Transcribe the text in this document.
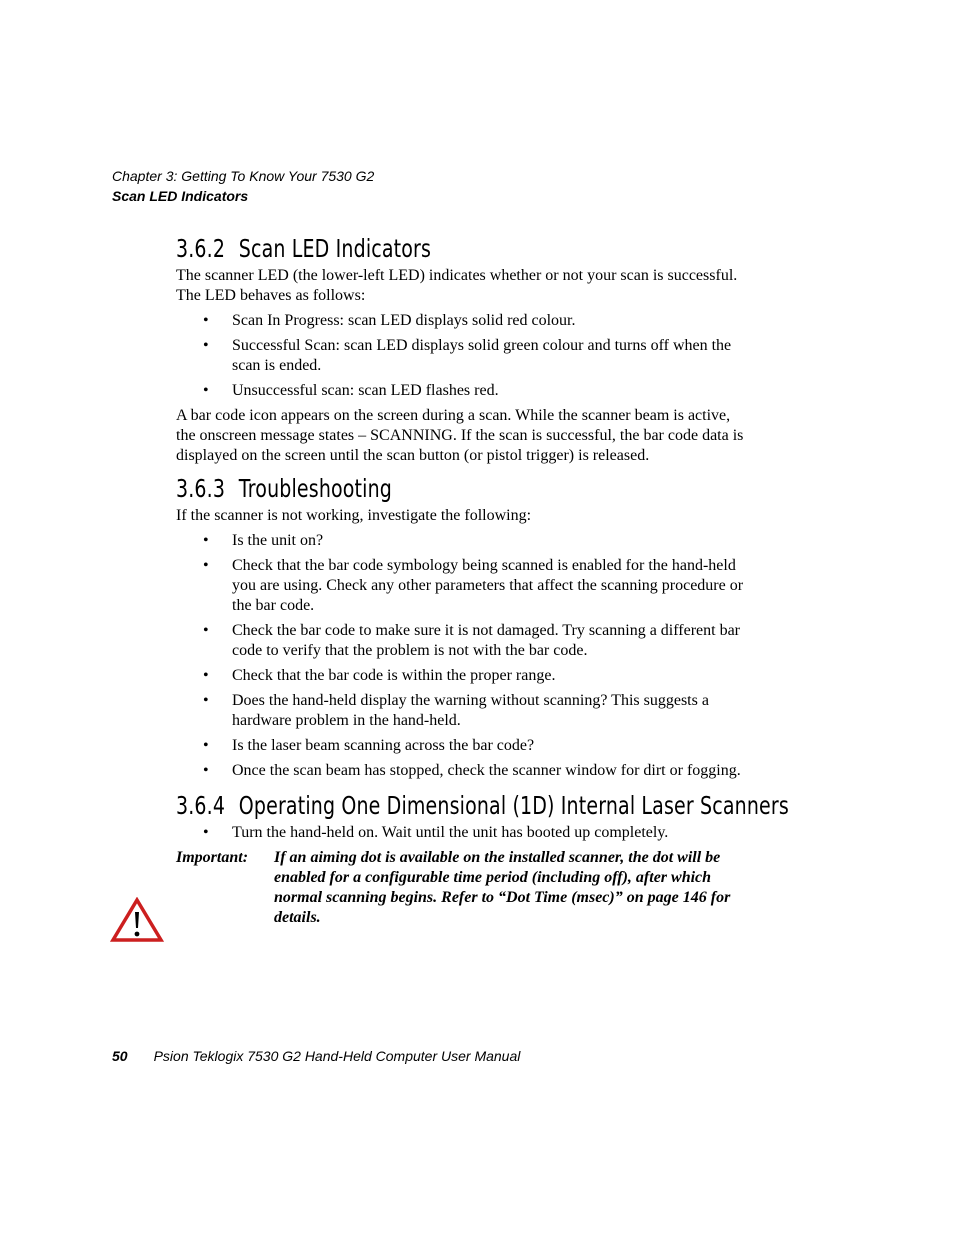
Chapter 3: Getting To Know Your 7530 G2
Scan LED Indicators
3.6.2 Scan LED Indicators

The scanner LED (the lower-left LED) indicates whether or not your scan is successful. The LED behaves as follows:

• Scan In Progress: scan LED displays solid red colour.
• Successful Scan: scan LED displays solid green colour and turns off when the scan is ended.
• Unsuccessful scan: scan LED flashes red.

A bar code icon appears on the screen during a scan. While the scanner beam is active, the onscreen message states – SCANNING. If the scan is successful, the bar code data is displayed on the screen until the scan button (or pistol trigger) is released.

3.6.3 Troubleshooting

If the scanner is not working, investigate the following:

• Is the unit on?
• Check that the bar code symbology being scanned is enabled for the hand-held you are using. Check any other parameters that affect the scanning procedure or the bar code.
• Check the bar code to make sure it is not damaged. Try scanning a different bar code to verify that the problem is not with the bar code.
• Check that the bar code is within the proper range.
• Does the hand-held display the warning without scanning? This suggests a hardware problem in the hand-held.
• Is the laser beam scanning across the bar code?
• Once the scan beam has stopped, check the scanner window for dirt or fogging.
3.6.4 Operating One Dimensional (1D) Internal Laser Scanners
• Turn the hand-held on. Wait until the unit has booted up completely.
Important: If an aiming dot is available on the installed scanner, the dot will be enabled for a configurable time period (including off), after which normal scanning begins. Refer to “Dot Time (msec)” on page 146 for details.
50 Psion Teklogix 7530 G2 Hand-Held Computer User Manual
